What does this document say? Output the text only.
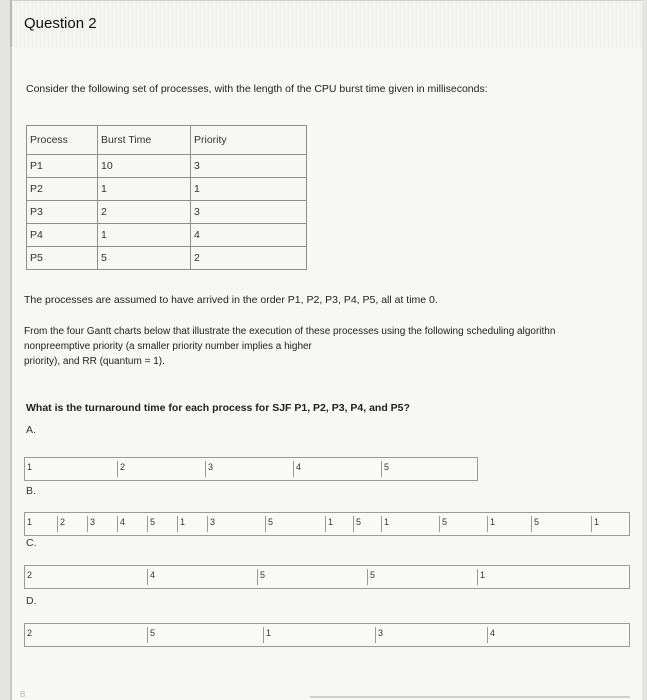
Question 2
Consider the following set of processes, with the length of the CPU burst time given in milliseconds:
Process	Burst Time	Priority
P1	10	3
P2	1	1
P3	2	3
P4	1	4
P5	5	2
The processes are assumed to have arrived in the order P1, P2, P3, P4, P5, all at time 0.
From the four Gantt charts below that illustrate the execution of these processes using the following scheduling algorithn
nonpreemptive priority (a smaller priority number implies a higher
priority), and RR (quantum = 1).
What is the turnaround time for each process for SJF P1, P2, P3, P4, and P5?
A.
1	2	3	4	5
B.
1	2	3	4	5	1	3	5	1	5	1	5	1	5	1
C.
2	4	5	5	1
D.
2	5	1	3	4
B
